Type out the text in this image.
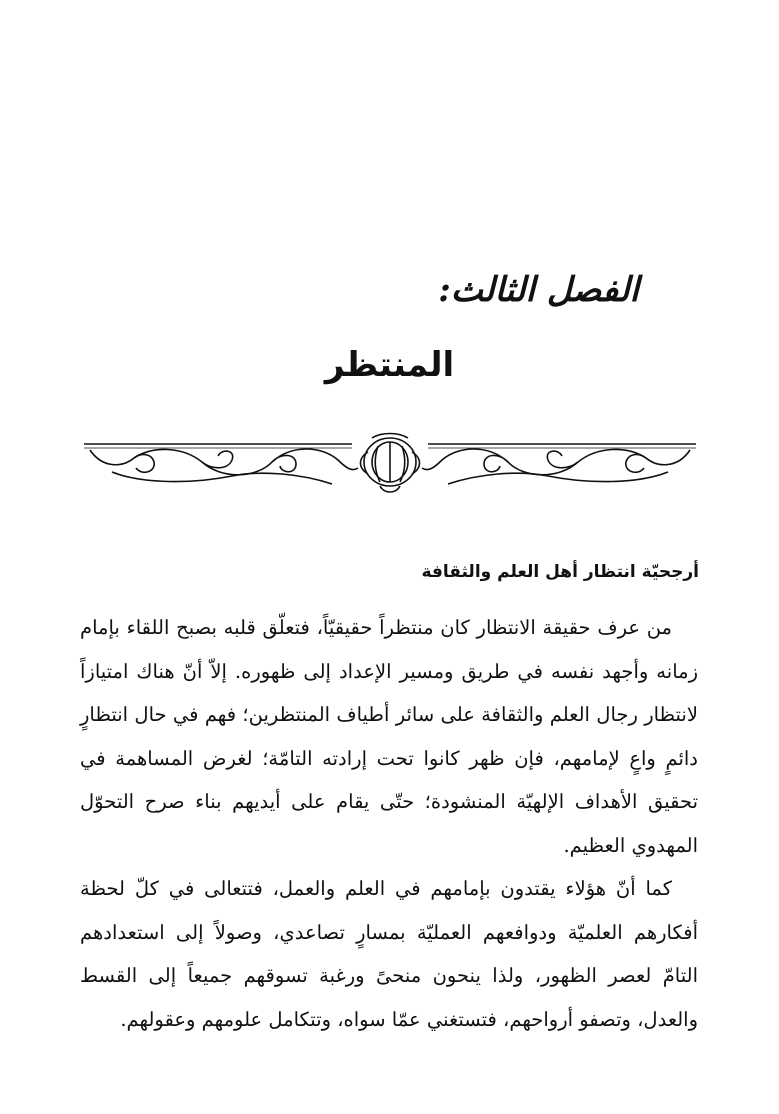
الفصل الثالث:
المنتظر
أرجحيّة انتظار أهل العلم والثقافة

من عرف حقيقة الانتظار كان منتظراً حقيقيّاً، فتعلّق قلبه بصبح اللقاء بإمام زمانه وأجهد نفسه في طريق ومسير الإعداد إلى ظهوره. إلاّ أنّ هناك امتيازاً لانتظار رجال العلم والثقافة على سائر أطياف المنتظرين؛ فهم في حال انتظارٍ دائمٍ واعٍ لإمامهم، فإن ظهر كانوا تحت إرادته التامّة؛ لغرض المساهمة في تحقيق الأهداف الإلهيّة المنشودة؛ حتّى يقام على أيديهم بناء صرح التحوّل المهدوي العظيم.

كما أنّ هؤلاء يقتدون بإمامهم في العلم والعمل، فتتعالى في كلّ لحظة أفكارهم العلميّة ودوافعهم العمليّة بمسارٍ تصاعدي، وصولاً إلى استعدادهم التامّ لعصر الظهور، ولذا ينحون منحىً ورغبة تسوقهم جميعاً إلى القسط والعدل، وتصفو أرواحهم، فتستغني عمّا سواه، وتتكامل علومهم وعقولهم.
